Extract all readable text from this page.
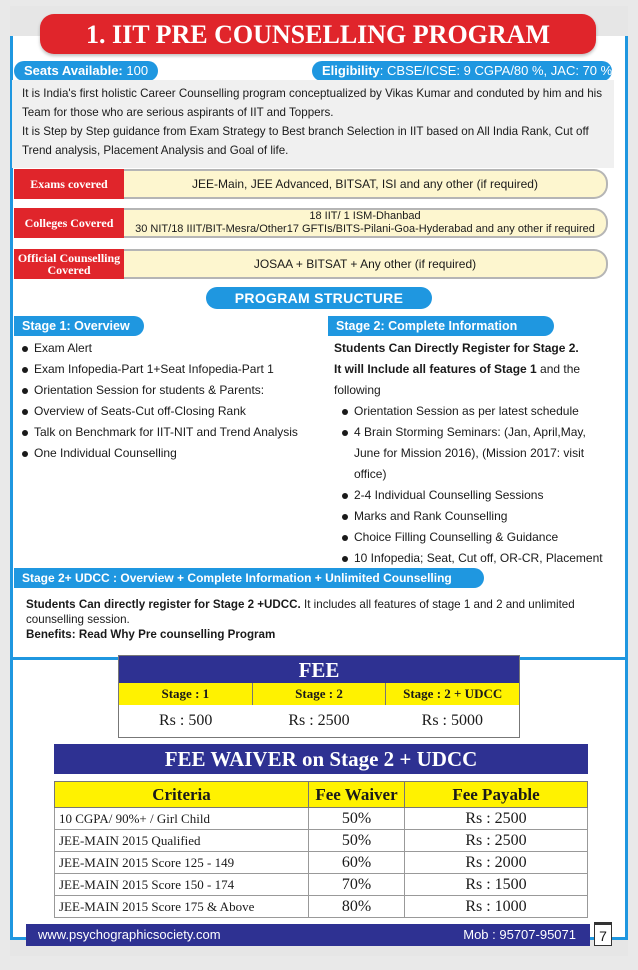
1. IIT PRE COUNSELLING PROGRAM
Seats Available: 100	Eligibility: CBSE/ICSE: 9 CGPA/80 %, JAC: 70 %

It is India's first holistic Career Counselling program conceptualized by Vikas Kumar and conduted by him and his Team for those who are serious aspirants of IIT and Toppers.

It is Step by Step guidance from Exam Strategy to Best branch Selection in IIT based on All India Rank, Cut off Trend analysis, Placement Analysis and Goal of life.

Exams covered	JEE-Main, JEE Advanced, BITSAT, ISI and any other (if required)
Colleges Covered	18 IIT/ 1 ISM-Dhanbad
30 NIT/18 IIIT/BIT-Mesra/Other17 GFTIs/BITS-Pilani-Goa-Hyderabad and any other if required
Official Counselling
Covered	JOSAA + BITSAT + Any other (if required)
PROGRAM STRUCTURE
Stage 1: Overview
Exam Alert
Exam Infopedia-Part 1+Seat Infopedia-Part 1
Orientation Session for students & Parents:
Overview of Seats-Cut off-Closing Rank
Talk on Benchmark for IIT-NIT and Trend Analysis
One Individual Counselling
Stage 2: Complete Information
Students Can Directly Register for Stage 2.
It will Include all features of Stage 1 and the following
Orientation Session as per latest schedule
4 Brain Storming Seminars: (Jan, April,May, June for Mission 2016), (Mission 2017: visit office)
2-4 Individual Counselling Sessions
Marks and Rank Counselling
Choice Filling Counselling & Guidance
10 Infopedia; Seat, Cut off, OR-CR, Placement
Stage 2+ UDCC : Overview + Complete Information + Unlimited Counselling
Students Can directly register for Stage 2 +UDCC. It includes all features of stage 1 and 2 and unlimited counselling session.
Benefits: Read Why Pre counselling Program
FEE
Stage : 1	Stage : 2	Stage : 2 + UDCC
Rs : 500	Rs : 2500	Rs : 5000
FEE WAIVER on Stage 2 + UDCC
Criteria	Fee Waiver	Fee Payable
10 CGPA/ 90%+ / Girl Child	50%	Rs : 2500
JEE-MAIN 2015 Qualified	50%	Rs : 2500
JEE-MAIN 2015 Score 125 - 149	60%	Rs : 2000
JEE-MAIN 2015 Score 150 - 174	70%	Rs : 1500
JEE-MAIN 2015 Score 175 & Above	80%	Rs : 1000
www.psychographicsociety.com	Mob : 95707-95071	7
